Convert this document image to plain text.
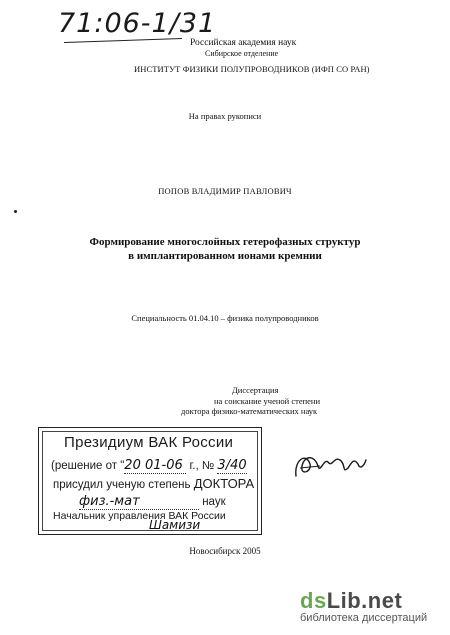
71:06-1/31
Российская академия наук
Сибирское отделение
ИНСТИТУТ ФИЗИКИ ПОЛУПРОВОДНИКОВ (ИФП СО РАН)
На правах рукописи
ПОПОВ ВЛАДИМИР ПАВЛОВИЧ
Формирование многослойных гетерофазных структур
в имплантированном ионами кремнии
Специальность 01.04.10 – физика полупроводников
Диссертация
на соискание ученой степени
доктора физико-математических наук
Президиум ВАК России
(решение от "20 01-06 г., № 3/40
присудил ученую степень ДОКТОРА
физ.-мат	наук
Начальник управления ВАК России
Шамизи
Новосибирск 2005
dsLib.net
библиотека диссертаций
